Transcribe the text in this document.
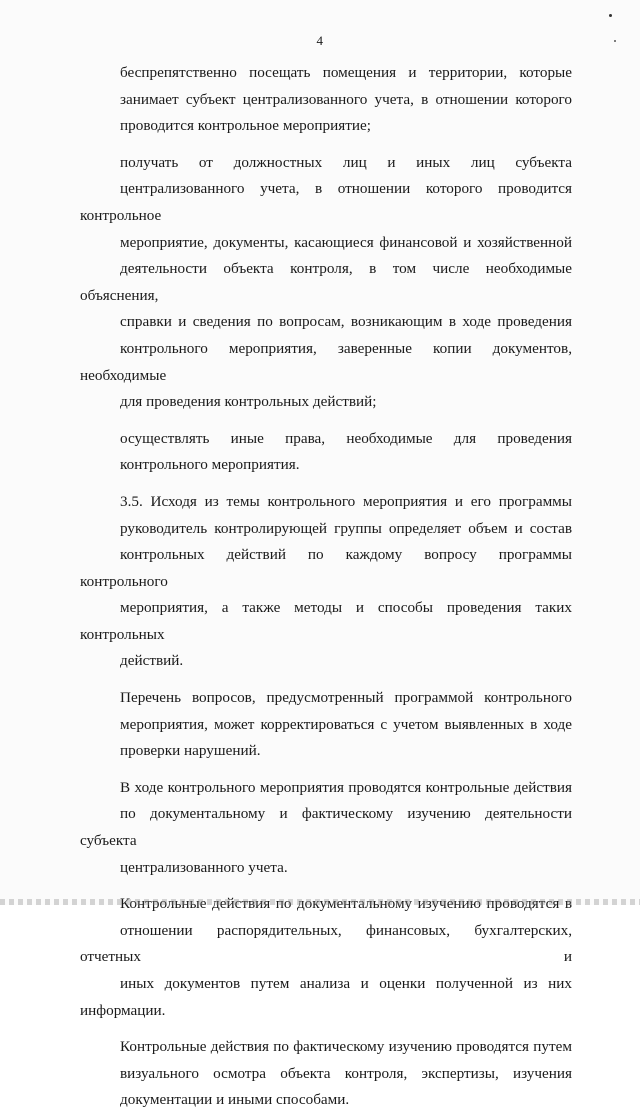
4

беспрепятственно посещать помещения и территории, которые
занимает субъект централизованного учета, в отношении которого
проводится контрольное мероприятие;

получать от должностных лиц и иных лиц субъекта
централизованного учета, в отношении которого проводится контрольное
мероприятие, документы, касающиеся финансовой и хозяйственной
деятельности объекта контроля, в том числе необходимые объяснения,
справки и сведения по вопросам, возникающим в ходе проведения
контрольного мероприятия, заверенные копии документов, необходимые
для проведения контрольных действий;

осуществлять иные права, необходимые для проведения
контрольного мероприятия.

3.5. Исходя из темы контрольного мероприятия и его программы
руководитель контролирующей группы определяет объем и состав
контрольных действий по каждому вопросу программы контрольного
мероприятия, а также методы и способы проведения таких контрольных
действий.

Перечень вопросов, предусмотренный программой контрольного
мероприятия, может корректироваться с учетом выявленных в ходе
проверки нарушений.

В ходе контрольного мероприятия проводятся контрольные действия
по документальному и фактическому изучению деятельности субъекта
централизованного учета.

Контрольные действия по документальному изучению проводятся в
отношении распорядительных, финансовых, бухгалтерских, отчетных и
иных документов путем анализа и оценки полученной из них информации.

Контрольные действия по фактическому изучению проводятся путем
визуального осмотра объекта контроля, экспертизы, изучения
документации и иными способами.
